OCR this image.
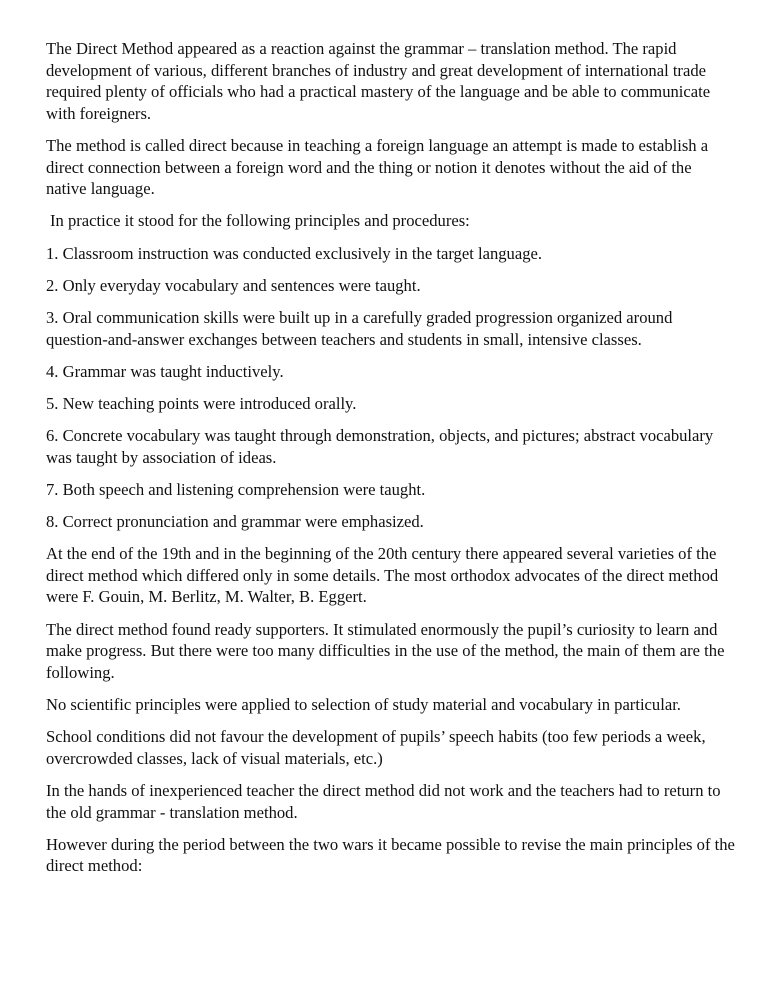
The Direct Method appeared as a reaction against the grammar – translation method. The rapid development of various, different branches of industry and great development of international trade required plenty of officials who had a practical mastery of the language and be able to communicate with foreigners.

The method is called direct because in teaching a foreign language an attempt is made to establish a direct connection between a foreign word and the thing or notion it denotes without the aid of the native language.

In practice it stood for the following principles and procedures:

1. Classroom instruction was conducted exclusively in the target language.

2. Only everyday vocabulary and sentences were taught.

3. Oral communication skills were built up in a carefully graded progression organized around question-and-answer exchanges between teachers and students in small, intensive classes.

4. Grammar was taught inductively.

5. New teaching points were introduced orally.

6. Concrete vocabulary was taught through demonstration, objects, and pictures; abstract vocabulary was taught by association of ideas.

7. Both speech and listening comprehension were taught.

8. Correct pronunciation and grammar were emphasized.

At the end of the 19th and in the beginning of the 20th century there appeared several varieties of the direct method which differed only in some details. The most orthodox advocates of the direct method were F. Gouin, M. Berlitz, M. Walter, B. Eggert.

The direct method found ready supporters. It stimulated enormously the pupil’s curiosity to learn and make progress. But there were too many difficulties in the use of the method, the main of them are the following.

No scientific principles were applied to selection of study material and vocabulary in particular.

School conditions did not favour the development of pupils’ speech habits (too few periods a week, overcrowded classes, lack of visual materials, etc.)

In the hands of inexperienced teacher the direct method did not work and the teachers had to return to the old grammar - translation method.

However during the period between the two wars it became possible to revise the main principles of the direct method:
